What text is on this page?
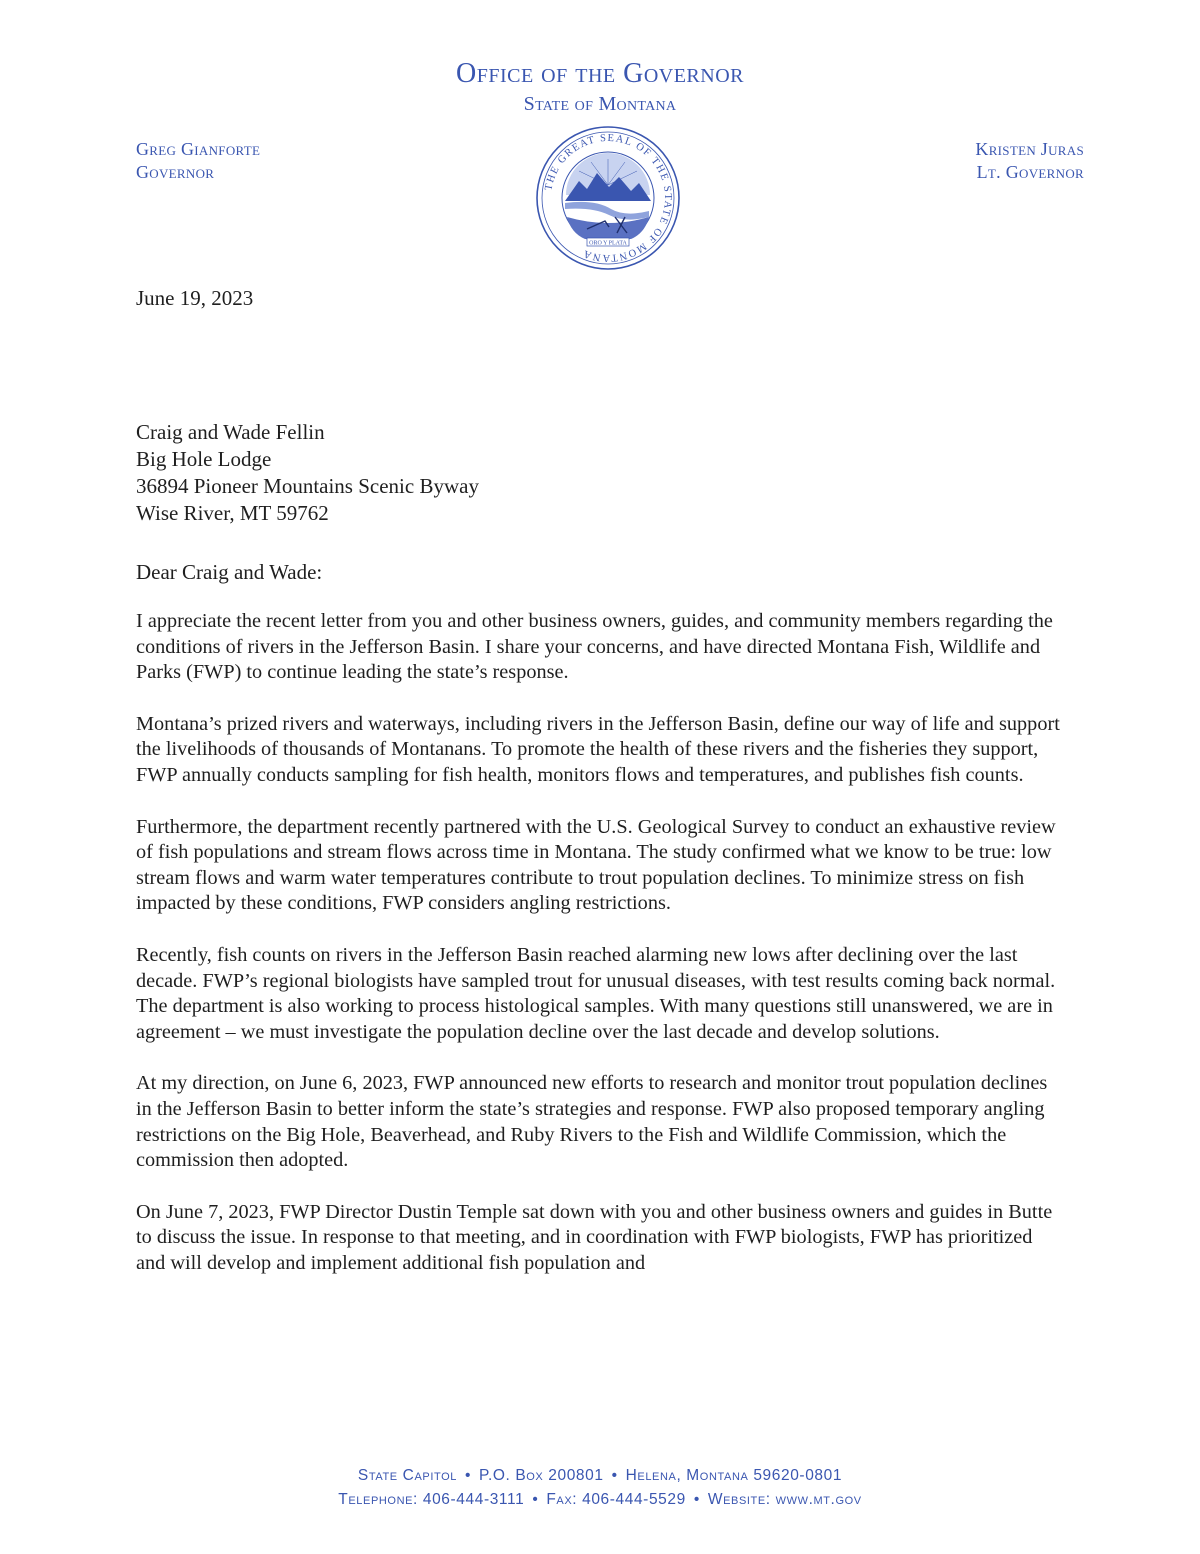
Office of the Governor
State of Montana
Greg Gianforte
Governor
THE GREAT SEAL OF THE STATE OF MONTANA
ORO Y PLATA
Kristen Juras
Lt. Governor
June 19, 2023
Craig and Wade Fellin
Big Hole Lodge
36894 Pioneer Mountains Scenic Byway
Wise River, MT 59762
Dear Craig and Wade:

I appreciate the recent letter from you and other business owners, guides, and community members regarding the conditions of rivers in the Jefferson Basin. I share your concerns, and have directed Montana Fish, Wildlife and Parks (FWP) to continue leading the state’s response.

Montana’s prized rivers and waterways, including rivers in the Jefferson Basin, define our way of life and support the livelihoods of thousands of Montanans. To promote the health of these rivers and the fisheries they support, FWP annually conducts sampling for fish health, monitors flows and temperatures, and publishes fish counts.

Furthermore, the department recently partnered with the U.S. Geological Survey to conduct an exhaustive review of fish populations and stream flows across time in Montana. The study confirmed what we know to be true: low stream flows and warm water temperatures contribute to trout population declines. To minimize stress on fish impacted by these conditions, FWP considers angling restrictions.

Recently, fish counts on rivers in the Jefferson Basin reached alarming new lows after declining over the last decade. FWP’s regional biologists have sampled trout for unusual diseases, with test results coming back normal. The department is also working to process histological samples. With many questions still unanswered, we are in agreement – we must investigate the population decline over the last decade and develop solutions.

At my direction, on June 6, 2023, FWP announced new efforts to research and monitor trout population declines in the Jefferson Basin to better inform the state’s strategies and response. FWP also proposed temporary angling restrictions on the Big Hole, Beaverhead, and Ruby Rivers to the Fish and Wildlife Commission, which the commission then adopted.

On June 7, 2023, FWP Director Dustin Temple sat down with you and other business owners and guides in Butte to discuss the issue. In response to that meeting, and in coordination with FWP biologists, FWP has prioritized and will develop and implement additional fish population and

State Capitol • P.O. Box 200801 • Helena, Montana 59620-0801
Telephone: 406-444-3111 • Fax: 406-444-5529 • Website: www.mt.gov
